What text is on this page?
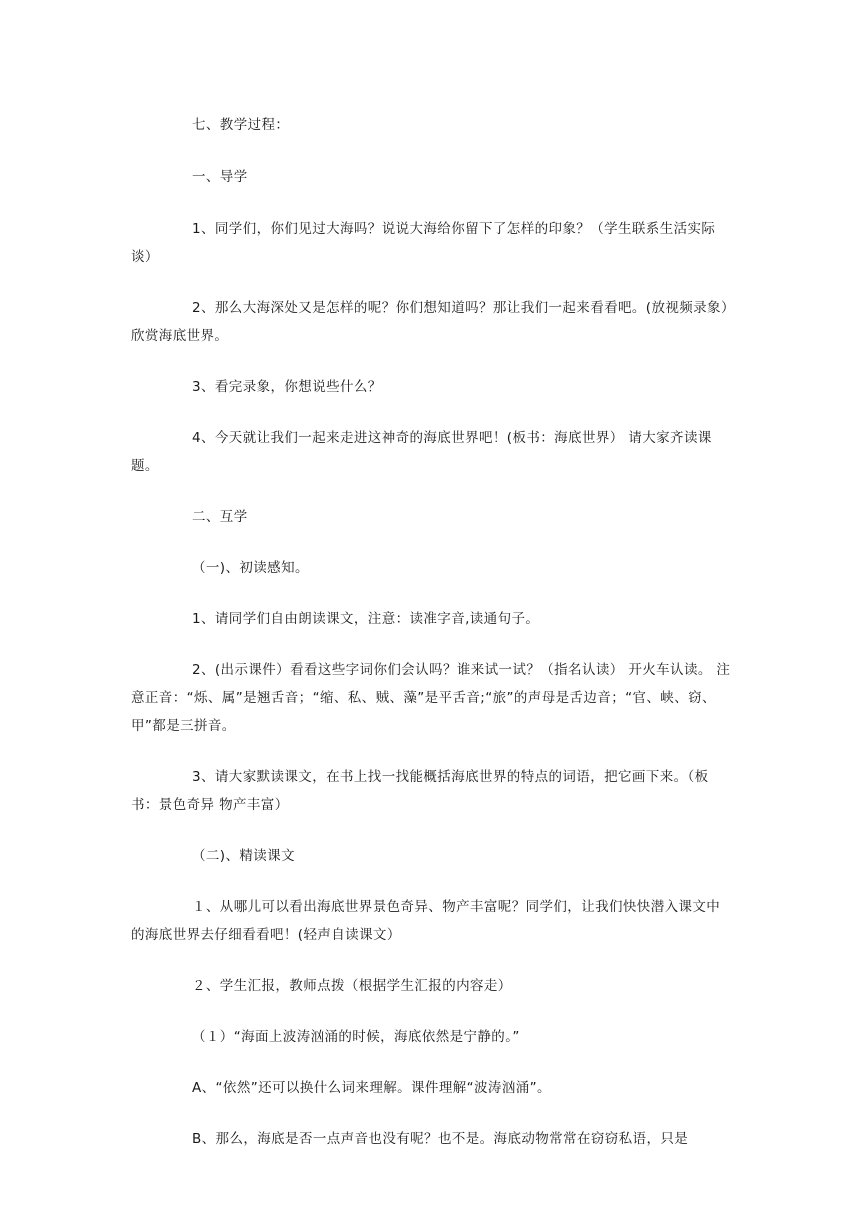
七、教学过程：

一、导学

1、同学们，你们见过大海吗？说说大海给你留下了怎样的印象？（学生联系生活实际谈）

2、那么大海深处又是怎样的呢？你们想知道吗？那让我们一起来看看吧。(放视频录象）欣赏海底世界。

3、看完录象，你想说些什么？

4、今天就让我们一起来走进这神奇的海底世界吧！(板书：海底世界） 请大家齐读课题。

二、互学

（一)、初读感知。

1、请同学们自由朗读课文，注意：读准字音,读通句子。

2、(出示课件）看看这些字词你们会认吗？谁来试一试？（指名认读） 开火车认读。 注意正音：“烁、属”是翘舌音；“缩、私、贼、藻”是平舌音;“旅”的声母是舌边音；“官、峡、窃、甲”都是三拼音。

3、请大家默读课文，在书上找一找能概括海底世界的特点的词语，把它画下来。（板书：景色奇异 物产丰富）

（二)、精读课文

１、从哪儿可以看出海底世界景色奇异、物产丰富呢？同学们，让我们快快潜入课文中的海底世界去仔细看看吧！(轻声自读课文）

２、学生汇报，教师点拨（根据学生汇报的内容走）

（１）“海面上波涛汹涌的时候，海底依然是宁静的。”

A、“依然”还可以换什么词来理解。课件理解“波涛汹涌”。

B、那么，海底是否一点声音也没有呢？也不是。海底动物常常在窃窃私语，只是
